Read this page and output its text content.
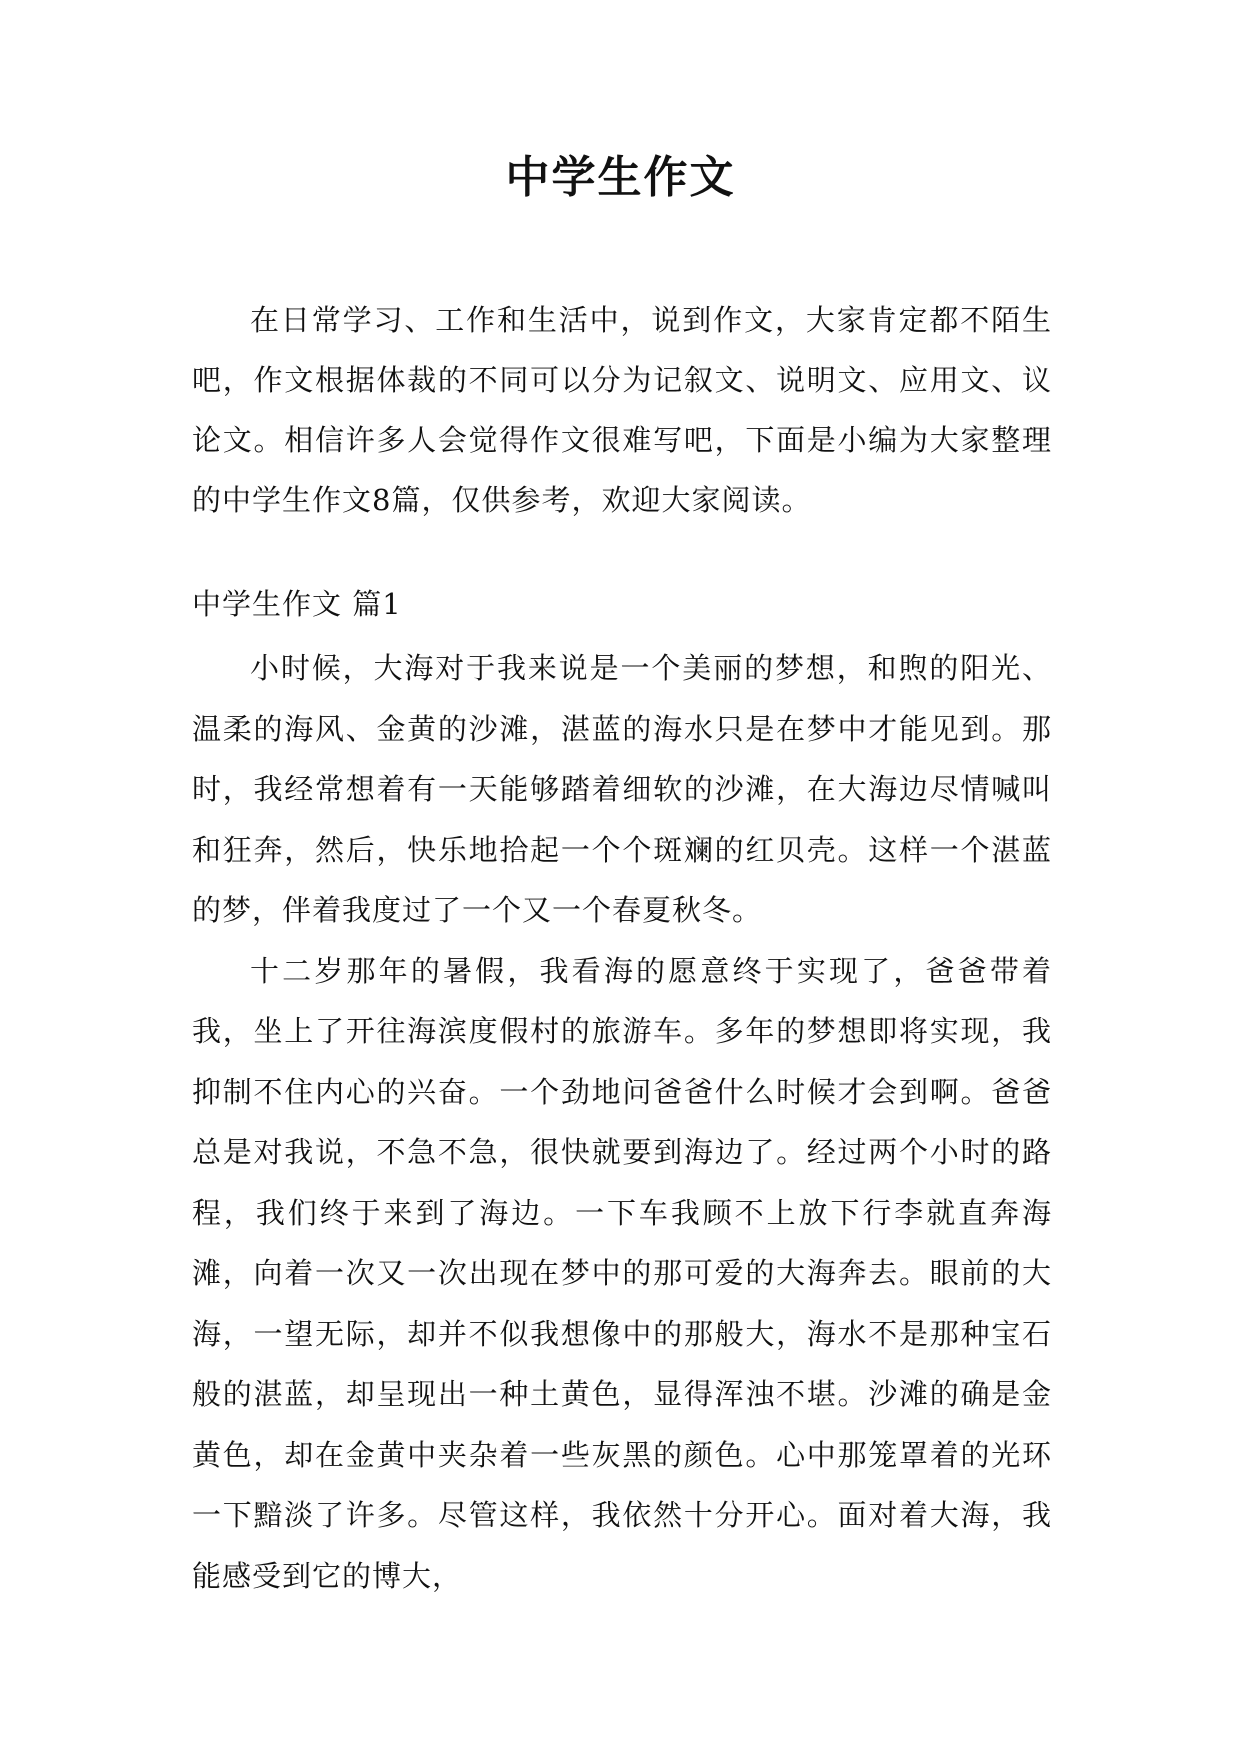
中学生作文

在日常学习、工作和生活中，说到作文，大家肯定都不陌生吧，作文根据体裁的不同可以分为记叙文、说明文、应用文、议论文。相信许多人会觉得作文很难写吧，下面是小编为大家整理的中学生作文8篇，仅供参考，欢迎大家阅读。

中学生作文 篇1

小时候，大海对于我来说是一个美丽的梦想，和煦的阳光、温柔的海风、金黄的沙滩，湛蓝的海水只是在梦中才能见到。那时，我经常想着有一天能够踏着细软的沙滩，在大海边尽情喊叫和狂奔，然后，快乐地拾起一个个斑斓的红贝壳。这样一个湛蓝的梦，伴着我度过了一个又一个春夏秋冬。

十二岁那年的暑假，我看海的愿意终于实现了，爸爸带着我，坐上了开往海滨度假村的旅游车。多年的梦想即将实现，我抑制不住内心的兴奋。一个劲地问爸爸什么时候才会到啊。爸爸总是对我说，不急不急，很快就要到海边了。经过两个小时的路程，我们终于来到了海边。一下车我顾不上放下行李就直奔海滩，向着一次又一次出现在梦中的那可爱的大海奔去。眼前的大海，一望无际，却并不似我想像中的那般大，海水不是那种宝石般的湛蓝，却呈现出一种土黄色，显得浑浊不堪。沙滩的确是金黄色，却在金黄中夹杂着一些灰黑的颜色。心中那笼罩着的光环一下黯淡了许多。尽管这样，我依然十分开心。面对着大海，我能感受到它的博大，
